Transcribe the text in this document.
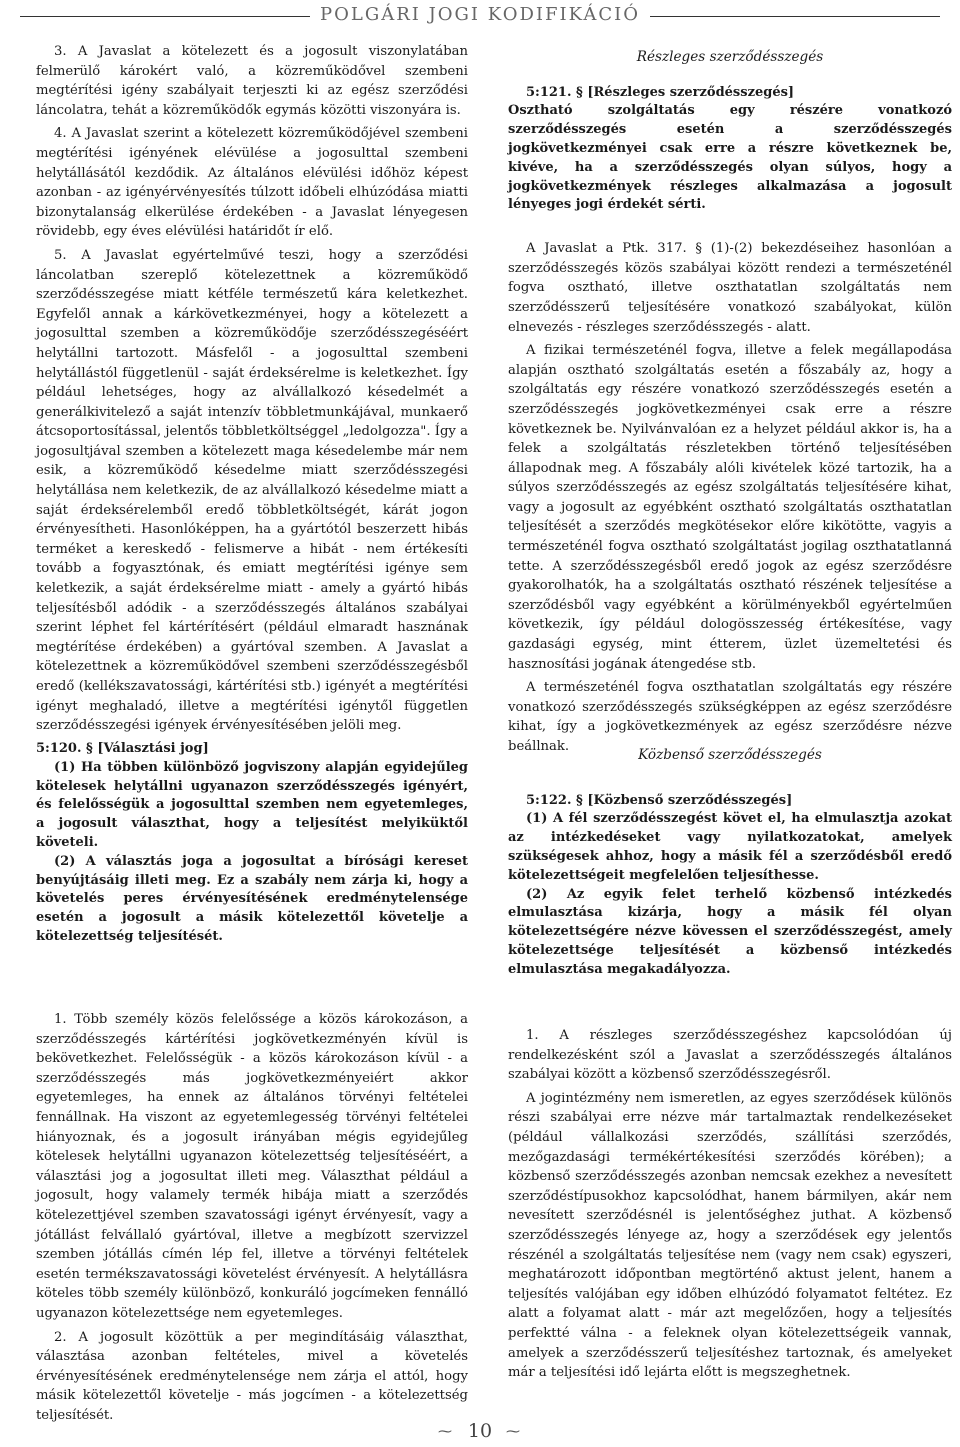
POLGÁRI JOGI KODIFIKÁCIÓ

3. A Javaslat a kötelezett és a jogosult viszonylatában felmerülő károkért való, a közreműködővel szembeni megtérítési igény szabályait terjeszti ki az egész szerződési láncolatra, tehát a közreműködők egymás közötti viszonyára is.

4. A Javaslat szerint a kötelezett közreműködőjével szembeni megtérítési igényének elévülése a jogosulttal szembeni helytállásától kezdődik. Az általános elévülési időhöz képest azonban - az igényérvényesítés túlzott időbeli elhúzódása miatti bizonytalanság elkerülése érdekében - a Javaslat lényegesen rövidebb, egy éves elévülési határidőt ír elő.

5. A Javaslat egyértelművé teszi, hogy a szerződési láncolatban szereplő kötelezettnek a közreműködő szerződésszegése miatt kétféle természetű kára keletkezhet. Egyfelől annak a kárkövetkezményei, hogy a kötelezett a jogosulttal szemben a közreműködője szerződésszegéséért helytállni tartozott. Másfelől - a jogosulttal szembeni helytállástól függetlenül - saját érdeksérelme is keletkezhet. Így például lehetséges, hogy az alvállalkozó késedelmét a generálkivitelező a saját intenzív többletmunkájával, munkaerő átcsoportosítással, jelentős többletköltséggel „ledolgozza". Így a jogosultjával szemben a kötelezett maga késedelembe már nem esik, a közreműködő késedelme miatt szerződésszegési helytállása nem keletkezik, de az alvállalkozó késedelme miatt a saját érdeksérelemből eredő többletköltségét, kárát jogon érvényesítheti. Hasonlóképpen, ha a gyártótól beszerzett hibás terméket a kereskedő - felismerve a hibát - nem értékesíti tovább a fogyasztónak, és emiatt megtérítési igénye sem keletkezik, a saját érdeksérelme miatt - amely a gyártó hibás teljesítésből adódik - a szerződésszegés általános szabályai szerint léphet fel kártérítésért (például elmaradt hasznának megtérítése érdekében) a gyártóval szemben. A Javaslat a kötelezettnek a közreműködővel szembeni szerződésszegésből eredő (kellékszavatossági, kártérítési stb.) igényét a megtérítési igényt meghaladó, illetve a megtérítési igénytől független szerződésszegési igények érvényesítésében jelöli meg.

Részleges szerződésszegés

5:121. § [Részleges szerződésszegés]

Osztható szolgáltatás egy részére vonatkozó szerződésszegés esetén a szerződésszegés jogkövetkezményei csak erre a részre következnek be, kivéve, ha a szerződésszegés olyan súlyos, hogy a jogkövetkezmények részleges alkalmazása a jogosult lényeges jogi érdekét sérti.

A Javaslat a Ptk. 317. § (1)-(2) bekezdéseihez hasonlóan a szerződésszegés közös szabályai között rendezi a természeténél fogva osztható, illetve oszthatatlan szolgáltatás nem szerződésszerű teljesítésére vonatkozó szabályokat, külön elnevezés - részleges szerződésszegés - alatt.

A fizikai természeténél fogva, illetve a felek megállapodása alapján osztható szolgáltatás esetén a főszabály az, hogy a szolgáltatás egy részére vonatkozó szerződésszegés esetén a szerződésszegés jogkövetkezményei csak erre a részre következnek be. Nyilvánvalóan ez a helyzet például akkor is, ha a felek a szolgáltatás részletekben történő teljesítésében állapodnak meg. A főszabály alóli kivételek közé tartozik, ha a súlyos szerződésszegés az egész szolgáltatás teljesítésére kihat, vagy a jogosult az egyébként osztható szolgáltatás oszthatatlan teljesítését a szerződés megkötésekor előre kikötötte, vagyis a természeténél fogva osztható szolgáltatást jogilag oszthatatlanná tette. A szerződésszegésből eredő jogok az egész szerződésre gyakorolhatók, ha a szolgáltatás osztható részének teljesítése a szerződésből vagy egyébként a körülményekből egyértelműen következik, így például dologösszesség értékesítése, vagy gazdasági egység, mint étterem, üzlet üzemeltetési és hasznosítási jogának átengedése stb.

A természeténél fogva oszthatatlan szolgáltatás egy részére vonatkozó szerződésszegés szükségképpen az egész szerződésre kihat, így a jogkövetkezmények az egész szerződésre nézve beállnak.

5:120. § [Választási jog]

(1) Ha többen különböző jogviszony alapján egyidejűleg kötelesek helytállni ugyanazon szerződésszegés igényért, és felelősségük a jogosulttal szemben nem egyetemleges, a jogosult választhat, hogy a teljesítést melyiküktől követeli.

(2) A választás joga a jogosultat a bírósági kereset benyújtásáig illeti meg. Ez a szabály nem zárja ki, hogy a követelés peres érvényesítésének eredménytelensége esetén a jogosult a másik kötelezettől követelje a kötelezettség teljesítését.

Közbenső szerződésszegés

5:122. § [Közbenső szerződésszegés]

(1) A fél szerződésszegést követ el, ha elmulasztja azokat az intézkedéseket vagy nyilatkozatokat, amelyek szükségesek ahhoz, hogy a másik fél a szerződésből eredő kötelezettségeit megfelelően teljesíthesse.

(2) Az egyik felet terhelő közbenső intézkedés elmulasztása kizárja, hogy a másik fél olyan kötelezettségére nézve kövessen el szerződésszegést, amely kötelezettsége teljesítését a közbenső intézkedés elmulasztása megakadályozza.

1. Több személy közös felelőssége a közös károkozáson, a szerződésszegés kártérítési jogkövetkezményén kívül is bekövetkezhet. Felelősségük - a közös károkozáson kívül - a szerződésszegés más jogkövetkezményeiért akkor egyetemleges, ha ennek az általános törvényi feltételei fennállnak. Ha viszont az egyetemlegesség törvényi feltételei hiányoznak, és a jogosult irányában mégis egyidejűleg kötelesek helytállni ugyanazon kötelezettség teljesítéséért, a választási jog a jogosultat illeti meg. Választhat például a jogosult, hogy valamely termék hibája miatt a szerződés kötelezettjével szemben szavatossági igényt érvényesít, vagy a jótállást felvállaló gyártóval, illetve a megbízott szervizzel szemben jótállás címén lép fel, illetve a törvényi feltételek esetén termékszavatossági követelést érvényesít. A helytállásra köteles több személy különböző, konkuráló jogcímeken fennálló ugyanazon kötelezettsége nem egyetemleges.

2. A jogosult közöttük a per megindításáig választhat, választása azonban feltételes, mivel a követelés érvényesítésének eredménytelensége nem zárja el attól, hogy másik kötelezettől követelje - más jogcímen - a kötelezettség teljesítését.

1. A részleges szerződésszegéshez kapcsolódóan új rendelkezésként szól a Javaslat a szerződésszegés általános szabályai között a közbenső szerződésszegésről.

A jogintézmény nem ismeretlen, az egyes szerződések különös részi szabályai erre nézve már tartalmaztak rendelkezéseket (például vállalkozási szerződés, szállítási szerződés, mezőgazdasági termékértékesítési szerződés körében); a közbenső szerződésszegés azonban nemcsak ezekhez a nevesített szerződéstípusokhoz kapcsolódhat, hanem bármilyen, akár nem nevesített szerződésnél is jelentőséghez juthat. A közbenső szerződésszegés lényege az, hogy a szerződések egy jelentős részénél a szolgáltatás teljesítése nem (vagy nem csak) egyszeri, meghatározott időpontban megtörténő aktust jelent, hanem a teljesítés valójában egy időben elhúzódó folyamatot feltétez. Ez alatt a folyamat alatt - már azt megelőzően, hogy a teljesítés perfektté válna - a feleknek olyan kötelezettségeik vannak, amelyek a szerződésszerű teljesítéshez tartoznak, és amelyeket már a teljesítési idő lejárta előtt is megszeghetnek.

⁓ 10 ⁓
